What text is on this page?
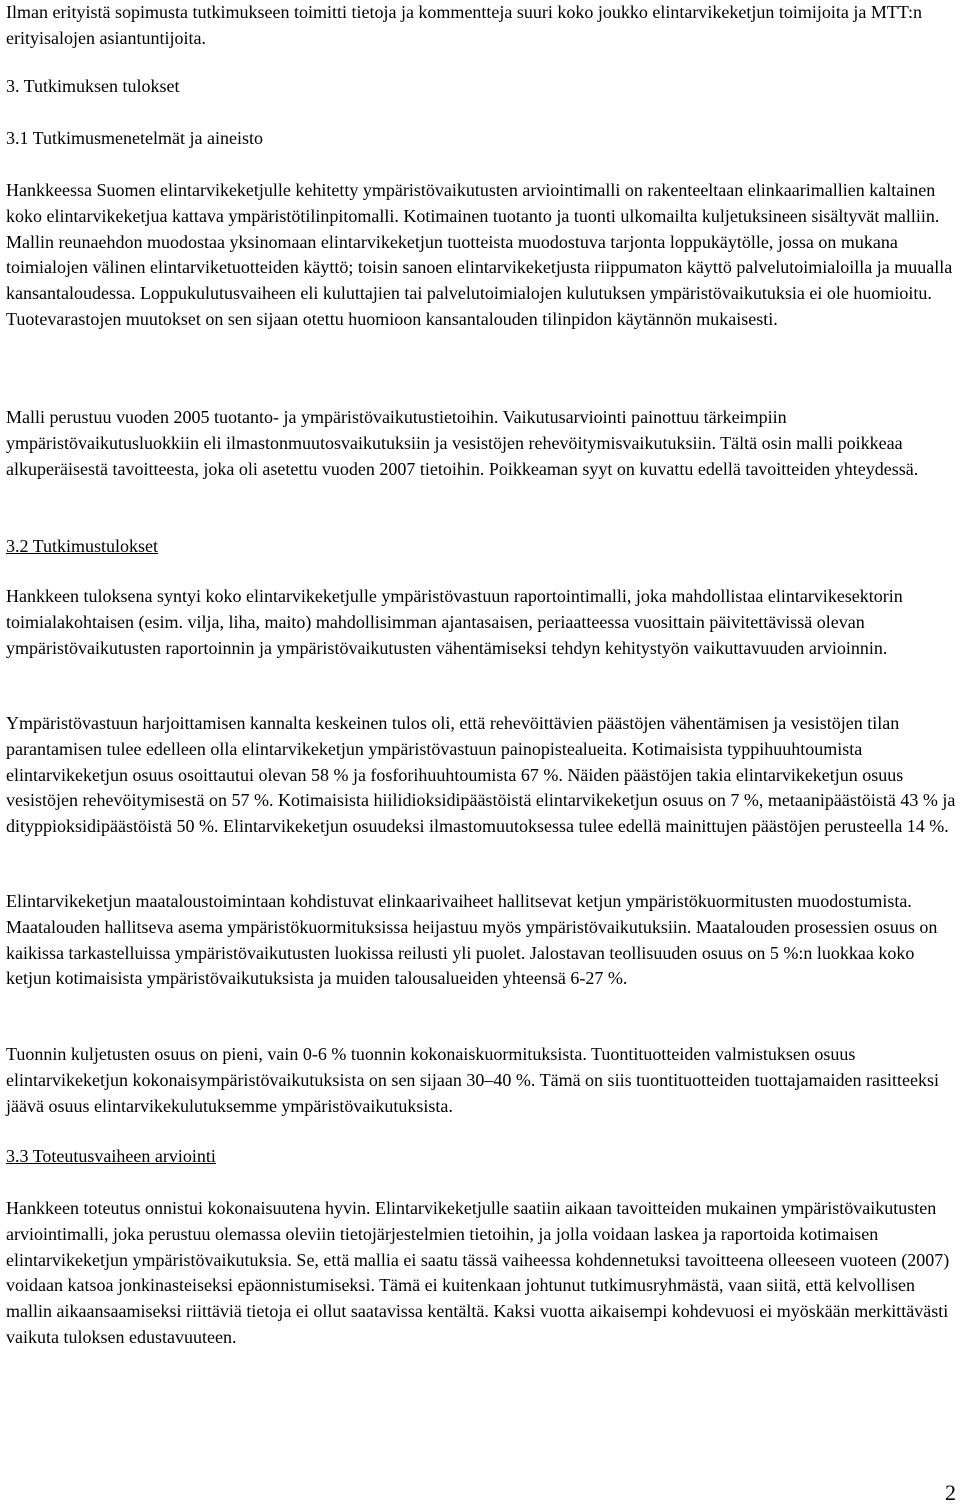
Ilman erityistä sopimusta tutkimukseen toimitti tietoja ja kommentteja suuri koko joukko elintarvikeketjun toimijoita ja MTT:n erityisalojen asiantuntijoita.

3. Tutkimuksen tulokset

3.1 Tutkimusmenetelmät ja aineisto

Hankkeessa Suomen elintarvikeketjulle kehitetty ympäristövaikutusten arviointimalli on rakenteeltaan elinkaarimallien kaltainen koko elintarvikeketjua kattava ympäristötilinpitomalli. Kotimainen tuotanto ja tuonti ulkomailta kuljetuksineen sisältyvät malliin. Mallin reunaehdon muodostaa yksinomaan elintarvikeketjun tuotteista muodostuva tarjonta loppukäytölle, jossa on mukana toimialojen välinen elintarviketuotteiden käyttö; toisin sanoen elintarvikeketjusta riippumaton käyttö palvelutoimialoilla ja muualla kansantaloudessa. Loppukulutusvaiheen eli kuluttajien tai palvelutoimialojen kulutuksen ympäristövaikutuksia ei ole huomioitu. Tuotevarastojen muutokset on sen sijaan otettu huomioon kansantalouden tilinpidon käytännön mukaisesti.

Malli perustuu vuoden 2005 tuotanto- ja ympäristövaikutustietoihin. Vaikutusarviointi painottuu tärkeimpiin ympäristövaikutusluokkiin eli ilmastonmuutosvaikutuksiin ja vesistöjen rehevöitymisvaikutuksiin. Tältä osin malli poikkeaa alkuperäisestä tavoitteesta, joka oli asetettu vuoden 2007 tietoihin. Poikkeaman syyt on kuvattu edellä tavoitteiden yhteydessä.

3.2 Tutkimustulokset

Hankkeen tuloksena syntyi koko elintarvikeketjulle ympäristövastuun raportointimalli, joka mahdollistaa elintarvikesektorin toimialakohtaisen (esim. vilja, liha, maito) mahdollisimman ajantasaisen, periaatteessa vuosittain päivitettävissä olevan ympäristövaikutusten raportoinnin ja ympäristövaikutusten vähentämiseksi tehdyn kehitystyön vaikuttavuuden arvioinnin.

Ympäristövastuun harjoittamisen kannalta keskeinen tulos oli, että rehevöittävien päästöjen vähentämisen ja vesistöjen tilan parantamisen tulee edelleen olla elintarvikeketjun ympäristövastuun painopistealueita. Kotimaisista typpihuuhtoumista elintarvikeketjun osuus osoittautui olevan 58 % ja fosforihuuhtoumista 67 %. Näiden päästöjen takia elintarvikeketjun osuus vesistöjen rehevöitymisestä on 57 %. Kotimaisista hiilidioksidipäästöistä elintarvikeketjun osuus on 7 %, metaanipäästöistä 43 % ja dityppioksidipäästöistä 50 %. Elintarvikeketjun osuudeksi ilmastomuutoksessa tulee edellä mainittujen päästöjen perusteella 14 %.

Elintarvikeketjun maataloustoimintaan kohdistuvat elinkaarivaiheet hallitsevat ketjun ympäristökuormitusten muodostumista. Maatalouden hallitseva asema ympäristökuormituksissa heijastuu myös ympäristövaikutuksiin. Maatalouden prosessien osuus on kaikissa tarkastelluissa ympäristövaikutusten luokissa reilusti yli puolet. Jalostavan teollisuuden osuus on 5 %:n luokkaa koko ketjun kotimaisista ympäristövaikutuksista ja muiden talousalueiden yhteensä 6-27 %.

Tuonnin kuljetusten osuus on pieni, vain 0-6 % tuonnin kokonaiskuormituksista. Tuontituotteiden valmistuksen osuus elintarvikeketjun kokonaisympäristövaikutuksista on sen sijaan 30–40 %. Tämä on siis tuontituotteiden tuottajamaiden rasitteeksi jäävä osuus elintarvikekulutuksemme ympäristövaikutuksista.

3.3 Toteutusvaiheen arviointi

Hankkeen toteutus onnistui kokonaisuutena hyvin. Elintarvikeketjulle saatiin aikaan tavoitteiden mukainen ympäristövaikutusten arviointimalli, joka perustuu olemassa oleviin tietojärjestelmien tietoihin, ja jolla voidaan laskea ja raportoida kotimaisen elintarvikeketjun ympäristövaikutuksia. Se, että mallia ei saatu tässä vaiheessa kohdennetuksi tavoitteena olleeseen vuoteen (2007) voidaan katsoa jonkinasteiseksi epäonnistumiseksi. Tämä ei kuitenkaan johtunut tutkimusryhmästä, vaan siitä, että kelvollisen mallin aikaansaamiseksi riittäviä tietoja ei ollut saatavissa kentältä. Kaksi vuotta aikaisempi kohdevuosi ei myöskään merkittävästi vaikuta tuloksen edustavuuteen.

2
